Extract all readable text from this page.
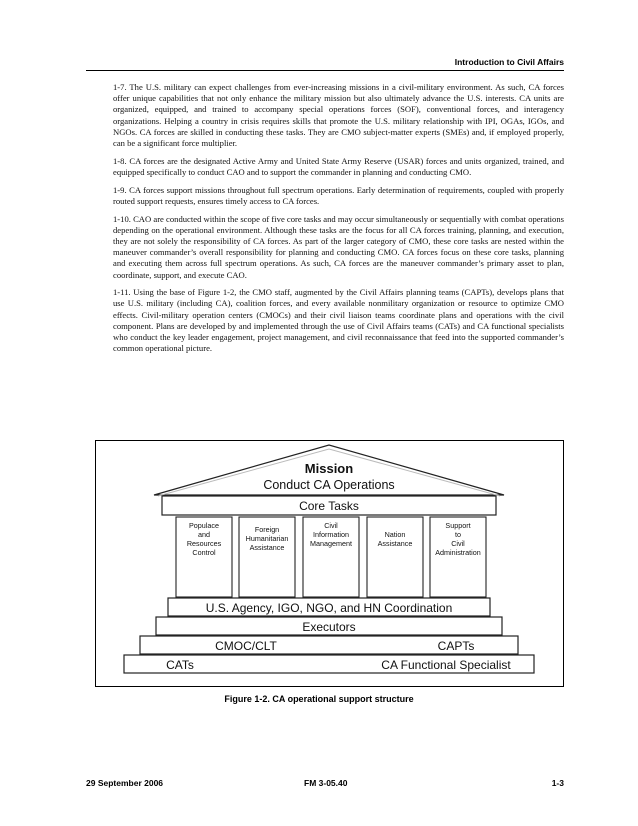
Introduction to Civil Affairs

1-7. The U.S. military can expect challenges from ever-increasing missions in a civil-military environment. As such, CA forces offer unique capabilities that not only enhance the military mission but also ultimately advance the U.S. interests. CA units are organized, equipped, and trained to accompany special operations forces (SOF), conventional forces, and interagency organizations. Helping a country in crisis requires skills that promote the U.S. military relationship with IPI, OGAs, IGOs, and NGOs. CA forces are skilled in conducting these tasks. They are CMO subject-matter experts (SMEs) and, if employed properly, can be a significant force multiplier.

1-8. CA forces are the designated Active Army and United State Army Reserve (USAR) forces and units organized, trained, and equipped specifically to conduct CAO and to support the commander in planning and conducting CMO.

1-9. CA forces support missions throughout full spectrum operations. Early determination of requirements, coupled with properly routed support requests, ensures timely access to CA forces.

1-10. CAO are conducted within the scope of five core tasks and may occur simultaneously or sequentially with combat operations depending on the operational environment. Although these tasks are the focus for all CA forces training, planning, and execution, they are not solely the responsibility of CA forces. As part of the larger category of CMO, these core tasks are nested within the maneuver commander’s overall responsibility for planning and conducting CMO. CA forces focus on these core tasks, planning and executing them across full spectrum operations. As such, CA forces are the maneuver commander’s primary asset to plan, coordinate, support, and execute CAO.

1-11. Using the base of Figure 1-2, the CMO staff, augmented by the Civil Affairs planning teams (CAPTs), develops plans that use U.S. military (including CA), coalition forces, and every available nonmilitary organization or resource to optimize CMO effects. Civil-military operation centers (CMOCs) and their civil liaison teams coordinate plans and operations with the civil component. Plans are developed by and implemented through the use of Civil Affairs teams (CATs) and CA functional specialists who conduct the key leader engagement, project management, and civil reconnaissance that feed into the supported commander’s common operational picture.

Mission
Conduct CA Operations
Core Tasks
Populace
and
Resources
Control
Foreign
Humanitarian
Assistance
Civil
Information
Management
Nation
Assistance
Support
to
Civil
Administration
U.S. Agency, IGO, NGO, and HN Coordination
Executors
CMOC/CLT	CAPTs
CATs	CA Functional Specialist
Figure 1-2. CA operational support structure
29 September 2006	FM 3-05.40	1-3
